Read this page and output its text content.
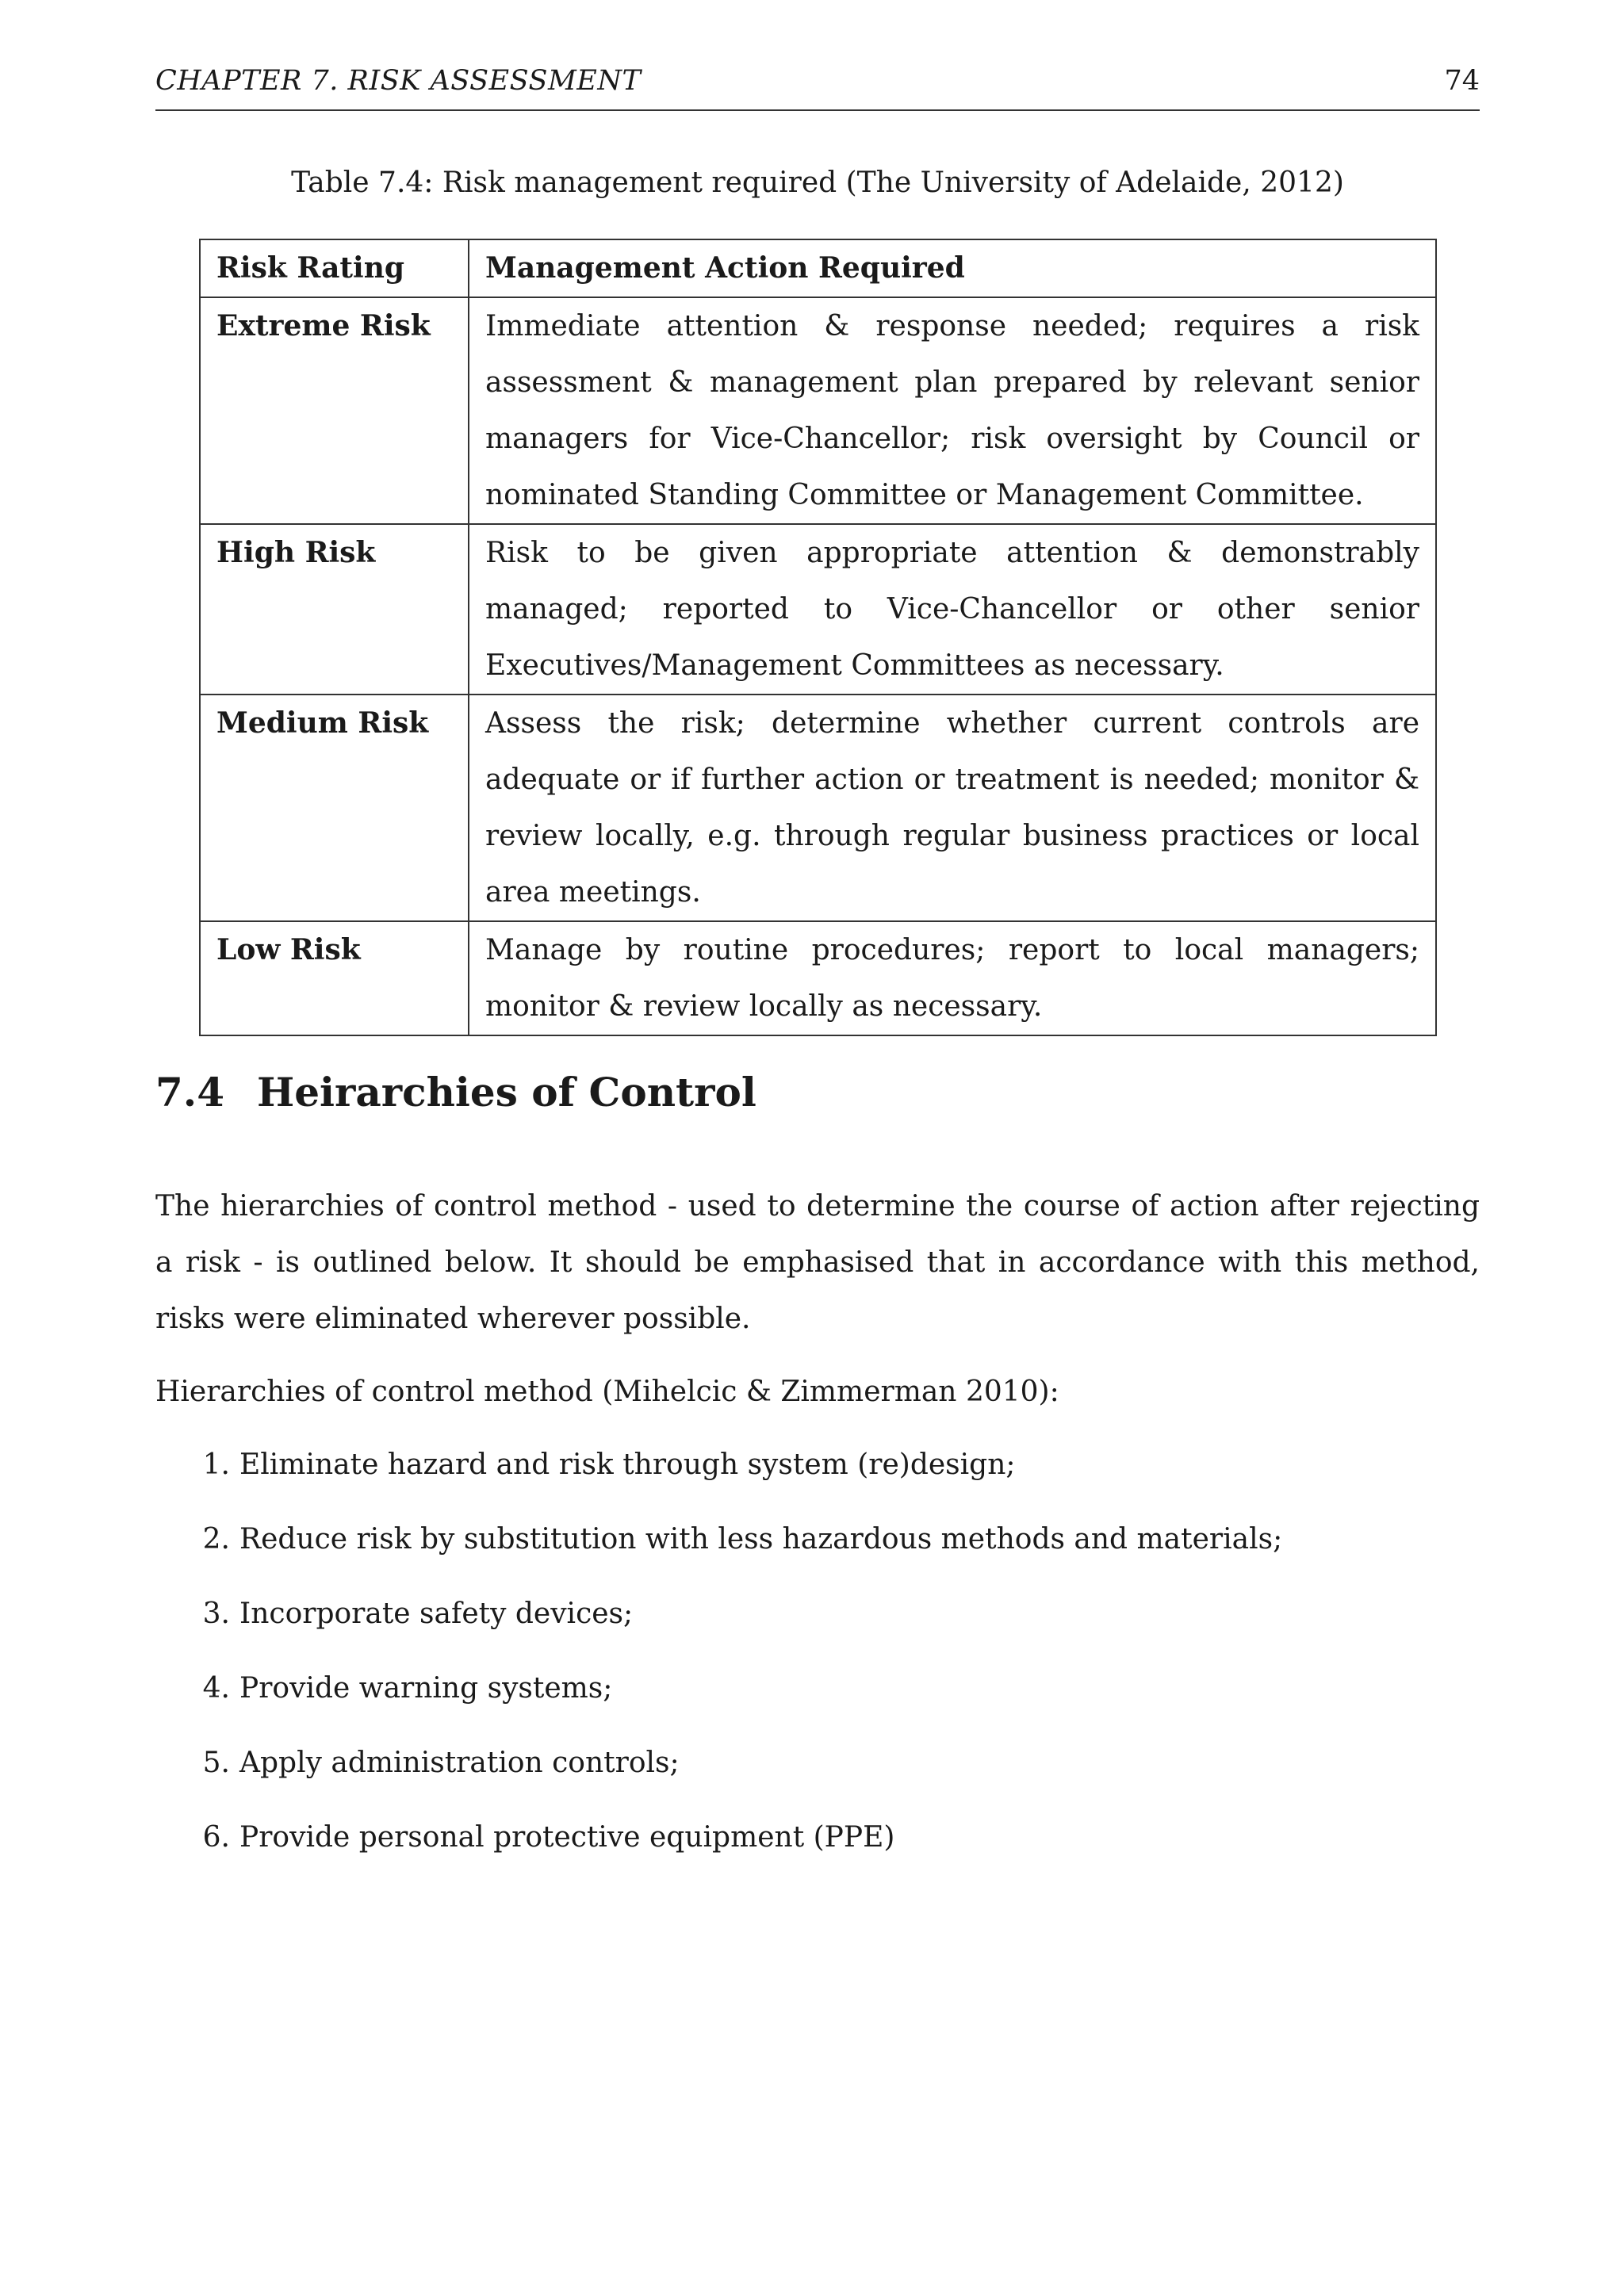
CHAPTER 7. RISK ASSESSMENT	74
Table 7.4: Risk management required (The University of Adelaide, 2012)
Risk Rating	Management Action Required
Extreme Risk	Immediate attention & response needed; requires a risk assessment & management plan prepared by relevant senior managers for Vice-Chancellor; risk oversight by Council or nominated Standing Committee or Management Committee.
High Risk	Risk to be given appropriate attention & demonstrably managed; reported to Vice-Chancellor or other senior Executives/Management Committees as necessary.
Medium Risk	Assess the risk; determine whether current controls are adequate or if further action or treatment is needed; monitor & review locally, e.g. through regular business practices or local area meetings.
Low Risk	Manage by routine procedures; report to local managers; monitor & review locally as necessary.
7.4 Heirarchies of Control
The hierarchies of control method - used to determine the course of action after rejecting a risk - is outlined below. It should be emphasised that in accordance with this method, risks were eliminated wherever possible.
Hierarchies of control method (Mihelcic & Zimmerman 2010):
1. Eliminate hazard and risk through system (re)design;
2. Reduce risk by substitution with less hazardous methods and materials;
3. Incorporate safety devices;
4. Provide warning systems;
5. Apply administration controls;
6. Provide personal protective equipment (PPE)
